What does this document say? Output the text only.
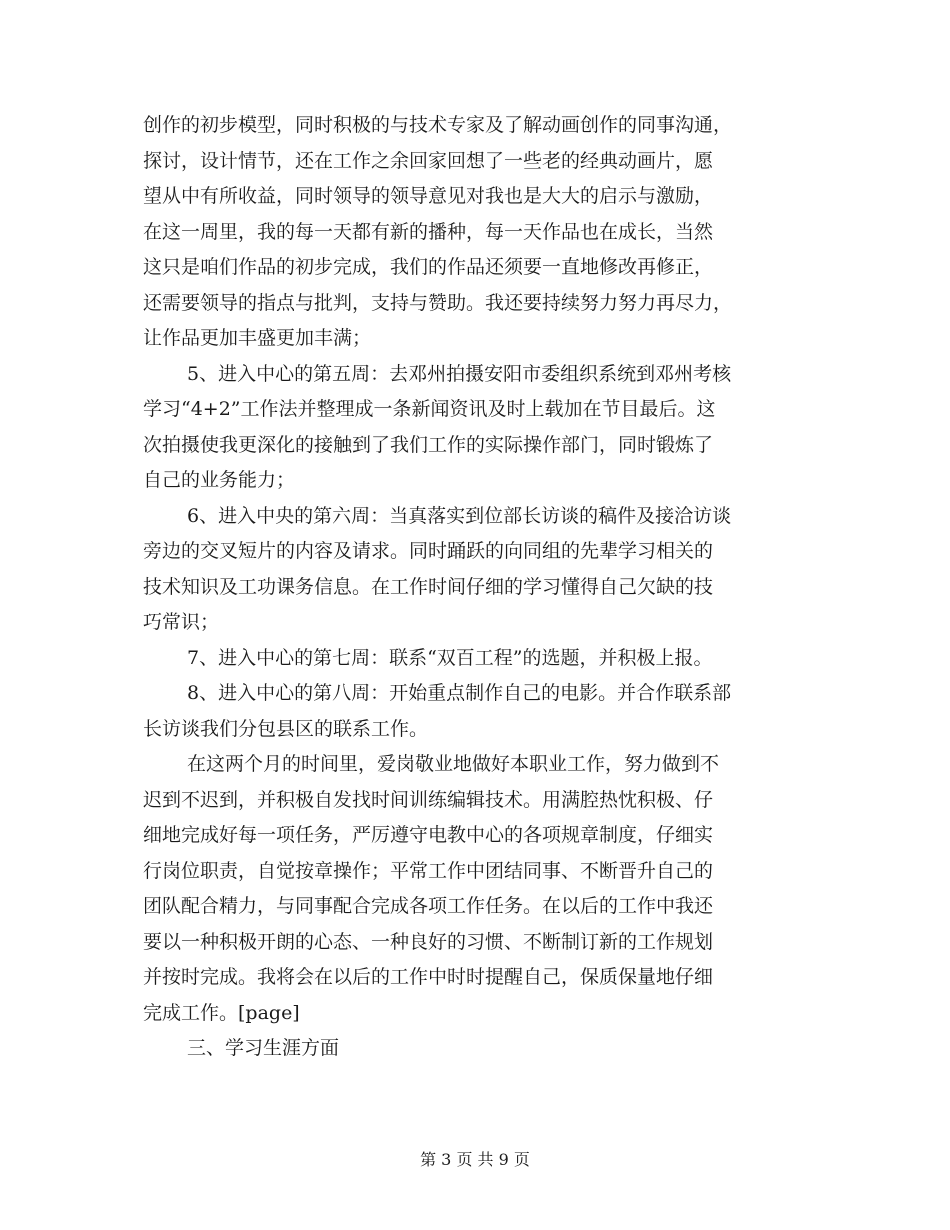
创作的初步模型，同时积极的与技术专家及了解动画创作的同事沟通，
探讨，设计情节，还在工作之余回家回想了一些老的经典动画片，愿
望从中有所收益，同时领导的领导意见对我也是大大的启示与激励，
在这一周里，我的每一天都有新的播种，每一天作品也在成长，当然
这只是咱们作品的初步完成，我们的作品还须要一直地修改再修正，
还需要领导的指点与批判，支持与赞助。我还要持续努力努力再尽力，
让作品更加丰盛更加丰满；
5、进入中心的第五周：去邓州拍摄安阳市委组织系统到邓州考核
学习“4+2”工作法并整理成一条新闻资讯及时上载加在节目最后。这
次拍摄使我更深化的接触到了我们工作的实际操作部门，同时锻炼了
自己的业务能力；
6、进入中央的第六周：当真落实到位部长访谈的稿件及接洽访谈
旁边的交叉短片的内容及请求。同时踊跃的向同组的先辈学习相关的
技术知识及工功课务信息。在工作时间仔细的学习懂得自己欠缺的技
巧常识；
7、进入中心的第七周：联系“双百工程”的选题，并积极上报。
8、进入中心的第八周：开始重点制作自己的电影。并合作联系部
长访谈我们分包县区的联系工作。
在这两个月的时间里，爱岗敬业地做好本职业工作，努力做到不
迟到不迟到，并积极自发找时间训练编辑技术。用满腔热忱积极、仔
细地完成好每一项任务，严厉遵守电教中心的各项规章制度，仔细实
行岗位职责，自觉按章操作；平常工作中团结同事、不断晋升自己的
团队配合精力，与同事配合完成各项工作任务。在以后的工作中我还
要以一种积极开朗的心态、一种良好的习惯、不断制订新的工作规划
并按时完成。我将会在以后的工作中时时提醒自己，保质保量地仔细
完成工作。[page]
三、学习生涯方面
第 3 页 共 9 页
